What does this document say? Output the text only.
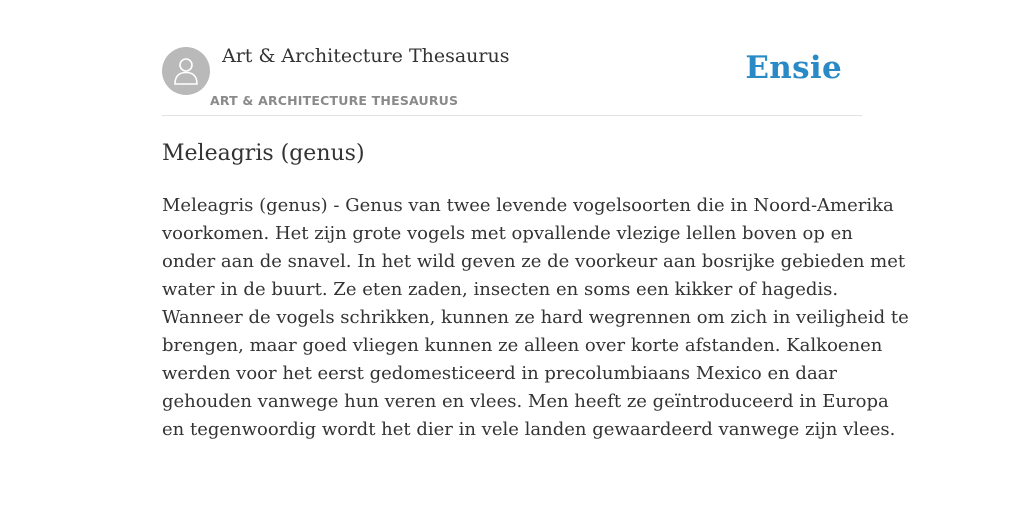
Art & Architecture Thesaurus
ART & ARCHITECTURE THESAURUS
Ensie
Meleagris (genus)
Meleagris (genus) - Genus van twee levende vogelsoorten die in Noord-Amerika
voorkomen. Het zijn grote vogels met opvallende vlezige lellen boven op en
onder aan de snavel. In het wild geven ze de voorkeur aan bosrijke gebieden met
water in de buurt. Ze eten zaden, insecten en soms een kikker of hagedis.
Wanneer de vogels schrikken, kunnen ze hard wegrennen om zich in veiligheid te
brengen, maar goed vliegen kunnen ze alleen over korte afstanden. Kalkoenen
werden voor het eerst gedomesticeerd in precolumbiaans Mexico en daar
gehouden vanwege hun veren en vlees. Men heeft ze geïntroduceerd in Europa
en tegenwoordig wordt het dier in vele landen gewaardeerd vanwege zijn vlees.
